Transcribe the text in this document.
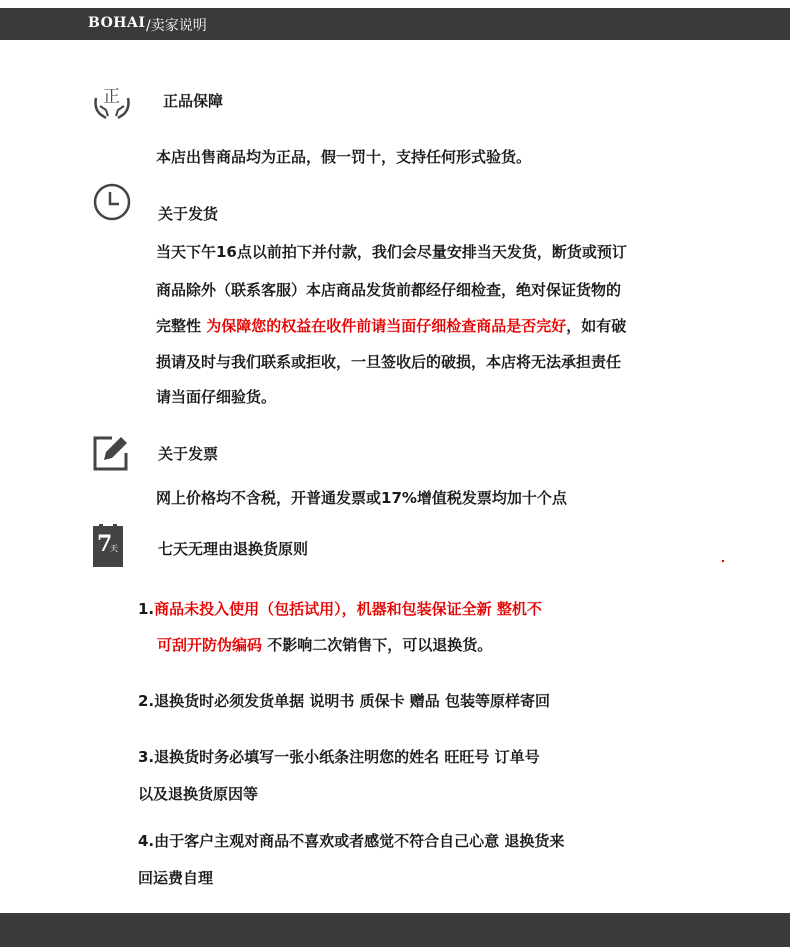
BOHAI /卖家说明
正	正品保障
本店出售商品均为正品，假一罚十，支持任何形式验货。
关于发货
当天下午16点以前拍下并付款，我们会尽量安排当天发货，断货或预订
商品除外（联系客服）本店商品发货前都经仔细检查，绝对保证货物的
完整性 为保障您的权益在收件前请当面仔细检查商品是否完好，如有破
损请及时与我们联系或拒收，一旦签收后的破损，本店将无法承担责任
请当面仔细验货。
关于发票
网上价格均不含税，开普通发票或17%增值税发票均加十个点
7
天	七天无理由退换货原则
1.商品未投入使用（包括试用），机器和包装保证全新 整机不
可刮开防伪编码 不影响二次销售下，可以退换货。
2.退换货时必须发货单据 说明书 质保卡 赠品 包装等原样寄回
3.退换货时务必填写一张小纸条注明您的姓名 旺旺号 订单号
以及退换货原因等
4.由于客户主观对商品不喜欢或者感觉不符合自己心意 退换货来
回运费自理
